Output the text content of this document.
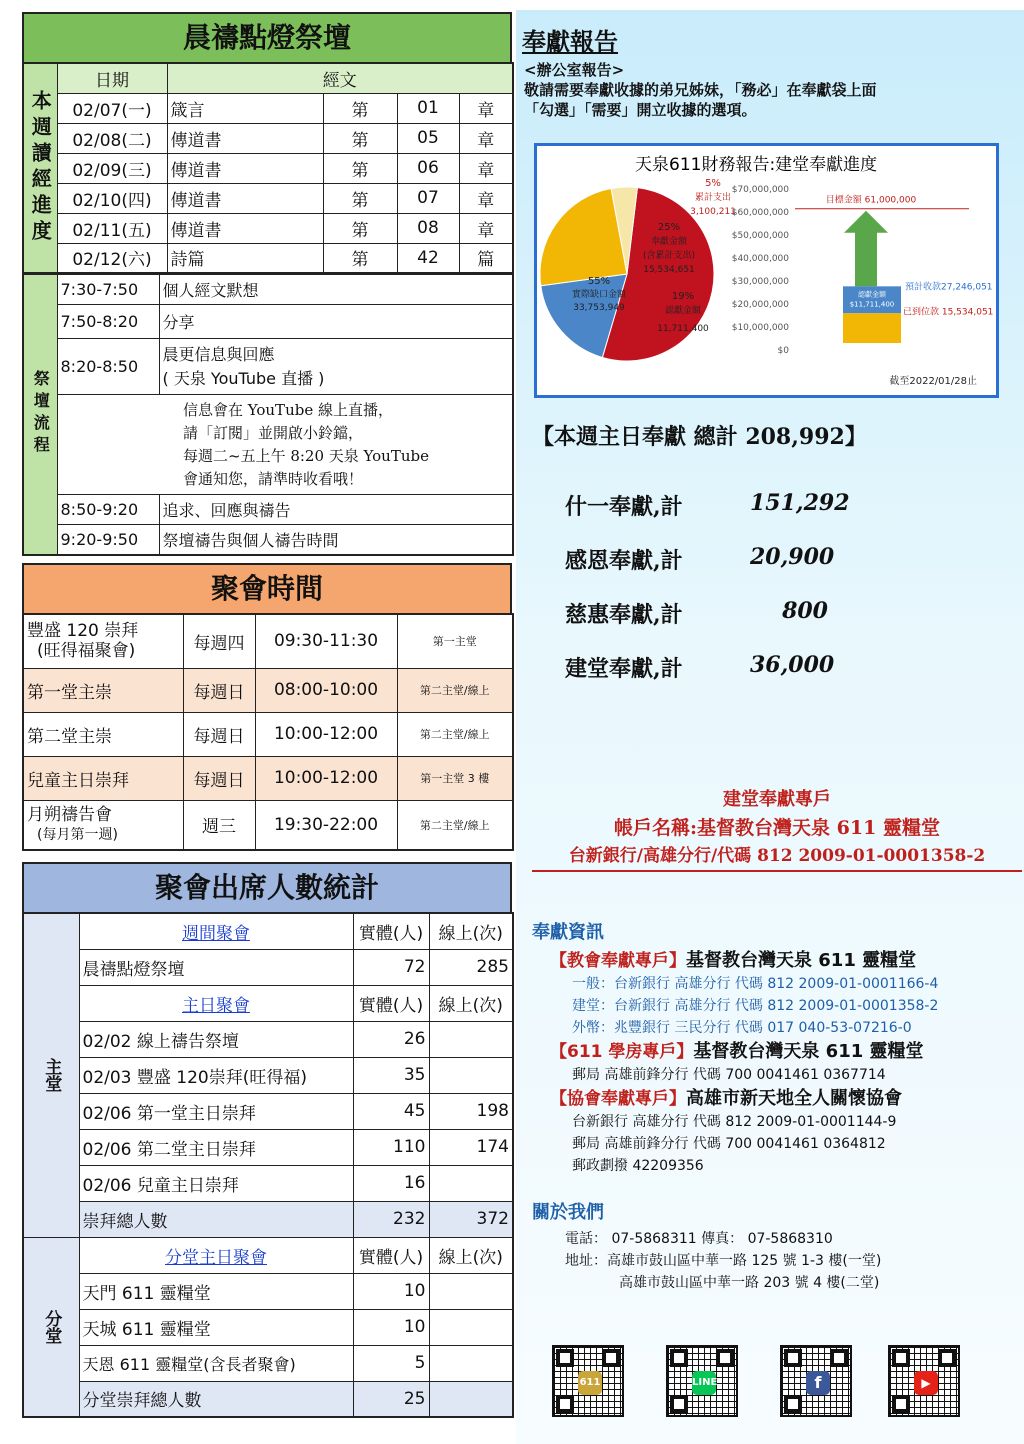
晨禱點燈祭壇
本週讀經進度	日期	經文			
	02/07(一)	箴言	第	01	章
	02/08(二)	傳道書	第	05	章
	02/09(三)	傳道書	第	06	章
	02/10(四)	傳道書	第	07	章
	02/11(五)	傳道書	第	08	章
	02/12(六)	詩篇	第	42	篇
祭壇流程	7:30-7:50	個人經文默想
	7:50-8:20	分享
	8:20-8:50	晨更信息與回應
( 天泉 YouTube 直播 )

		信息會在 YouTube 線上直播，
請「訂閱」並開啟小鈴鐺，
每週二~五上午 8:20 天泉 YouTube
會通知您，請準時收看哦！

	8:50-9:20	追求、回應與禱告
	9:20-9:50	祭壇禱告與個人禱告時間
聚會時間
豐盛 120 崇拜
(旺得福聚會)	每週四	09:30-11:30	第一主堂
第一堂主崇	每週日	08:00-10:00	第二主堂/線上
第二堂主崇	每週日	10:00-12:00	第二主堂/線上
兒童主日崇拜	每週日	10:00-12:00	第一主堂 3 樓

月朔禱告會
(每月第一週)	週三	19:30-22:00	第二主堂/線上
聚會出席人數統計
主堂	週間聚會	實體(人)	線上(次)
	晨禱點燈祭壇	72	285
	主日聚會	實體(人)	線上(次)
	02/02 線上禱告祭壇	26	
	02/03 豐盛 120崇拜(旺得福)	35	
	02/06 第一堂主日崇拜	45	198
	02/06 第二堂主日崇拜	110	174
	02/06 兒童主日崇拜	16	
	崇拜總人數	232	372
分堂	分堂主日聚會	實體(人)	線上(次)
	天門 611 靈糧堂	10	
	天城 611 靈糧堂	10	
	天恩 611 靈糧堂(含長者聚會)	5	
	分堂崇拜總人數	25	
奉獻報告
<辦公室報告>
敬請需要奉獻收據的弟兄姊妹，「務必」在奉獻袋上面
「勾選」「需要」開立收據的選項。
天泉611財務報告:建堂奉獻進度
55%
實際缺口金額
33,753,949
19%
認獻金額
11,711,400
25%
奉獻金額
(含累計支出)
15,534,651
5%
累計支出
3,100,211
$70,000,000
$60,000,000
$50,000,000
$40,000,000
$30,000,000
$20,000,000
$10,000,000
$0
目標金額 61,000,000
認獻金額
$11,711,400
預計收款27,246,051
已到位款 15,534,051
截至2022/01/28止
【本週主日奉獻 總計 208,992】
什一奉獻,計	151,292
感恩奉獻,計	20,900
慈惠奉獻,計	800
建堂奉獻,計	36,000
建堂奉獻專戶
帳戶名稱:基督教台灣天泉 611 靈糧堂
台新銀行/高雄分行/代碼 812 2009-01-0001358-2
奉獻資訊
【教會奉獻專戶】基督教台灣天泉 611 靈糧堂
一般：台新銀行 高雄分行 代碼 812 2009-01-0001166-4
建堂：台新銀行 高雄分行 代碼 812 2009-01-0001358-2
外幣：兆豐銀行 三民分行 代碼 017 040-53-07216-0
【611 學房專戶】基督教台灣天泉 611 靈糧堂
郵局 高雄前鋒分行 代碼 700 0041461 0367714
【協會奉獻專戶】高雄市新天地全人關懷協會
台新銀行 高雄分行 代碼 812 2009-01-0001144-9
郵局 高雄前鋒分行 代碼 700 0041461 0364812
郵政劃撥 42209356
關於我們
電話： 07-5868311 傳真： 07-5868310
地址：高雄市鼓山區中華一路 125 號 1-3 樓(一堂)
高雄市鼓山區中華一路 203 號 4 樓(二堂)
611	LINE	f	▶
